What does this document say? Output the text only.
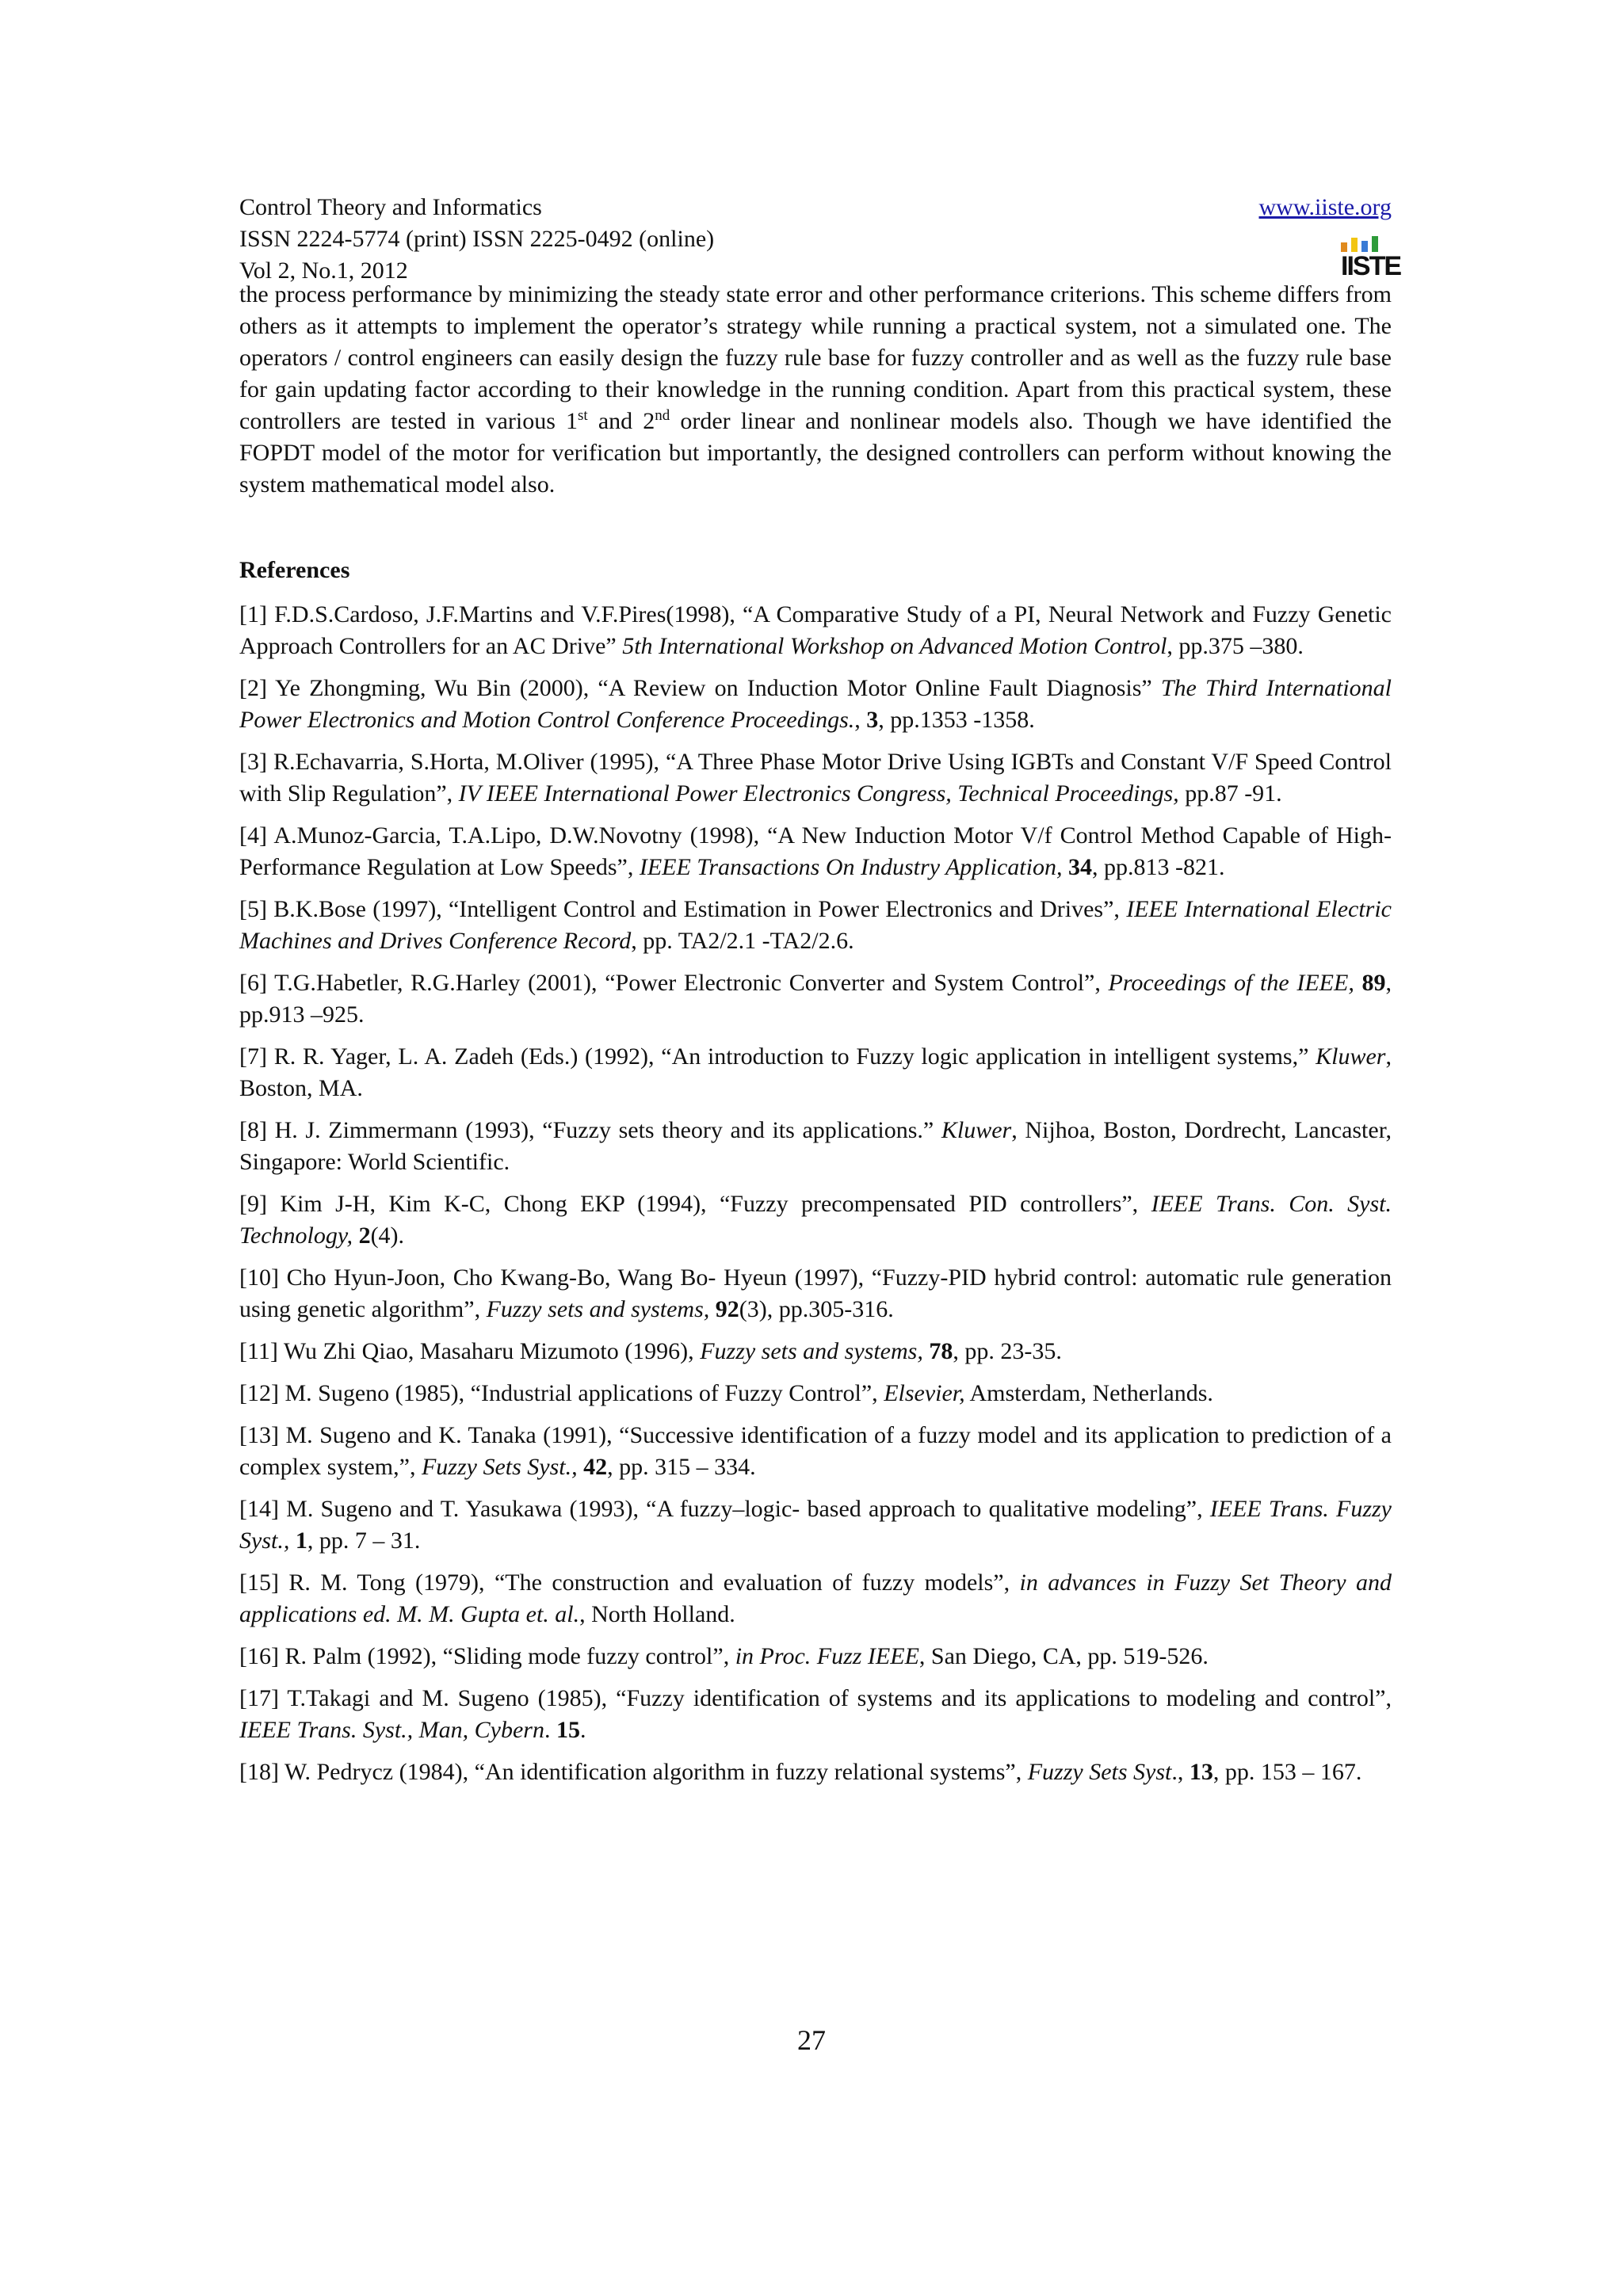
Control Theory and Informatics
ISSN 2224-5774 (print) ISSN 2225-0492 (online)
Vol 2, No.1, 2012
www.iiste.org
IISTE

the process performance by minimizing the steady state error and other performance criterions. This scheme differs from others as it attempts to implement the operator’s strategy while running a practical system, not a simulated one. The operators / control engineers can easily design the fuzzy rule base for fuzzy controller and as well as the fuzzy rule base for gain updating factor according to their knowledge in the running condition. Apart from this practical system, these controllers are tested in various 1st and 2nd order linear and nonlinear models also. Though we have identified the FOPDT model of the motor for verification but importantly, the designed controllers can perform without knowing the system mathematical model also.

References

[1] F.D.S.Cardoso, J.F.Martins and V.F.Pires(1998), “A Comparative Study of a PI, Neural Network and Fuzzy Genetic Approach Controllers for an AC Drive” 5th International Workshop on Advanced Motion Control, pp.375 –380.

[2] Ye Zhongming, Wu Bin (2000), “A Review on Induction Motor Online Fault Diagnosis” The Third International Power Electronics and Motion Control Conference Proceedings., 3, pp.1353 -1358.

[3] R.Echavarria, S.Horta, M.Oliver (1995), “A Three Phase Motor Drive Using IGBTs and Constant V/F Speed Control with Slip Regulation”, IV IEEE International Power Electronics Congress, Technical Proceedings, pp.87 -91.

[4] A.Munoz-Garcia, T.A.Lipo, D.W.Novotny (1998), “A New Induction Motor V/f Control Method Capable of High-Performance Regulation at Low Speeds”, IEEE Transactions On Industry Application, 34, pp.813 -821.

[5] B.K.Bose (1997), “Intelligent Control and Estimation in Power Electronics and Drives”, IEEE International Electric Machines and Drives Conference Record, pp. TA2/2.1 -TA2/2.6.

[6] T.G.Habetler, R.G.Harley (2001), “Power Electronic Converter and System Control”, Proceedings of the IEEE, 89, pp.913 –925.

[7] R. R. Yager, L. A. Zadeh (Eds.) (1992), “An introduction to Fuzzy logic application in intelligent systems,” Kluwer, Boston, MA.

[8] H. J. Zimmermann (1993), “Fuzzy sets theory and its applications.” Kluwer, Nijhoa, Boston, Dordrecht, Lancaster, Singapore: World Scientific.

[9] Kim J-H, Kim K-C, Chong EKP (1994), “Fuzzy precompensated PID controllers”, IEEE Trans. Con. Syst. Technology, 2(4).

[10] Cho Hyun-Joon, Cho Kwang-Bo, Wang Bo- Hyeun (1997), “Fuzzy-PID hybrid control: automatic rule generation using genetic algorithm”, Fuzzy sets and systems, 92(3), pp.305-316.

[11] Wu Zhi Qiao, Masaharu Mizumoto (1996), Fuzzy sets and systems, 78, pp. 23-35.

[12] M. Sugeno (1985), “Industrial applications of Fuzzy Control”, Elsevier, Amsterdam, Netherlands.

[13] M. Sugeno and K. Tanaka (1991), “Successive identification of a fuzzy model and its application to prediction of a complex system,”, Fuzzy Sets Syst., 42, pp. 315 – 334.

[14] M. Sugeno and T. Yasukawa (1993), “A fuzzy–logic- based approach to qualitative modeling”, IEEE Trans. Fuzzy Syst., 1, pp. 7 – 31.

[15] R. M. Tong (1979), “The construction and evaluation of fuzzy models”, in advances in Fuzzy Set Theory and applications ed. M. M. Gupta et. al., North Holland.

[16] R. Palm (1992), “Sliding mode fuzzy control”, in Proc. Fuzz IEEE, San Diego, CA, pp. 519-526.

[17] T.Takagi and M. Sugeno (1985), “Fuzzy identification of systems and its applications to modeling and control”, IEEE Trans. Syst., Man, Cybern. 15.

[18] W. Pedrycz (1984), “An identification algorithm in fuzzy relational systems”, Fuzzy Sets Syst., 13, pp. 153 – 167.

27
